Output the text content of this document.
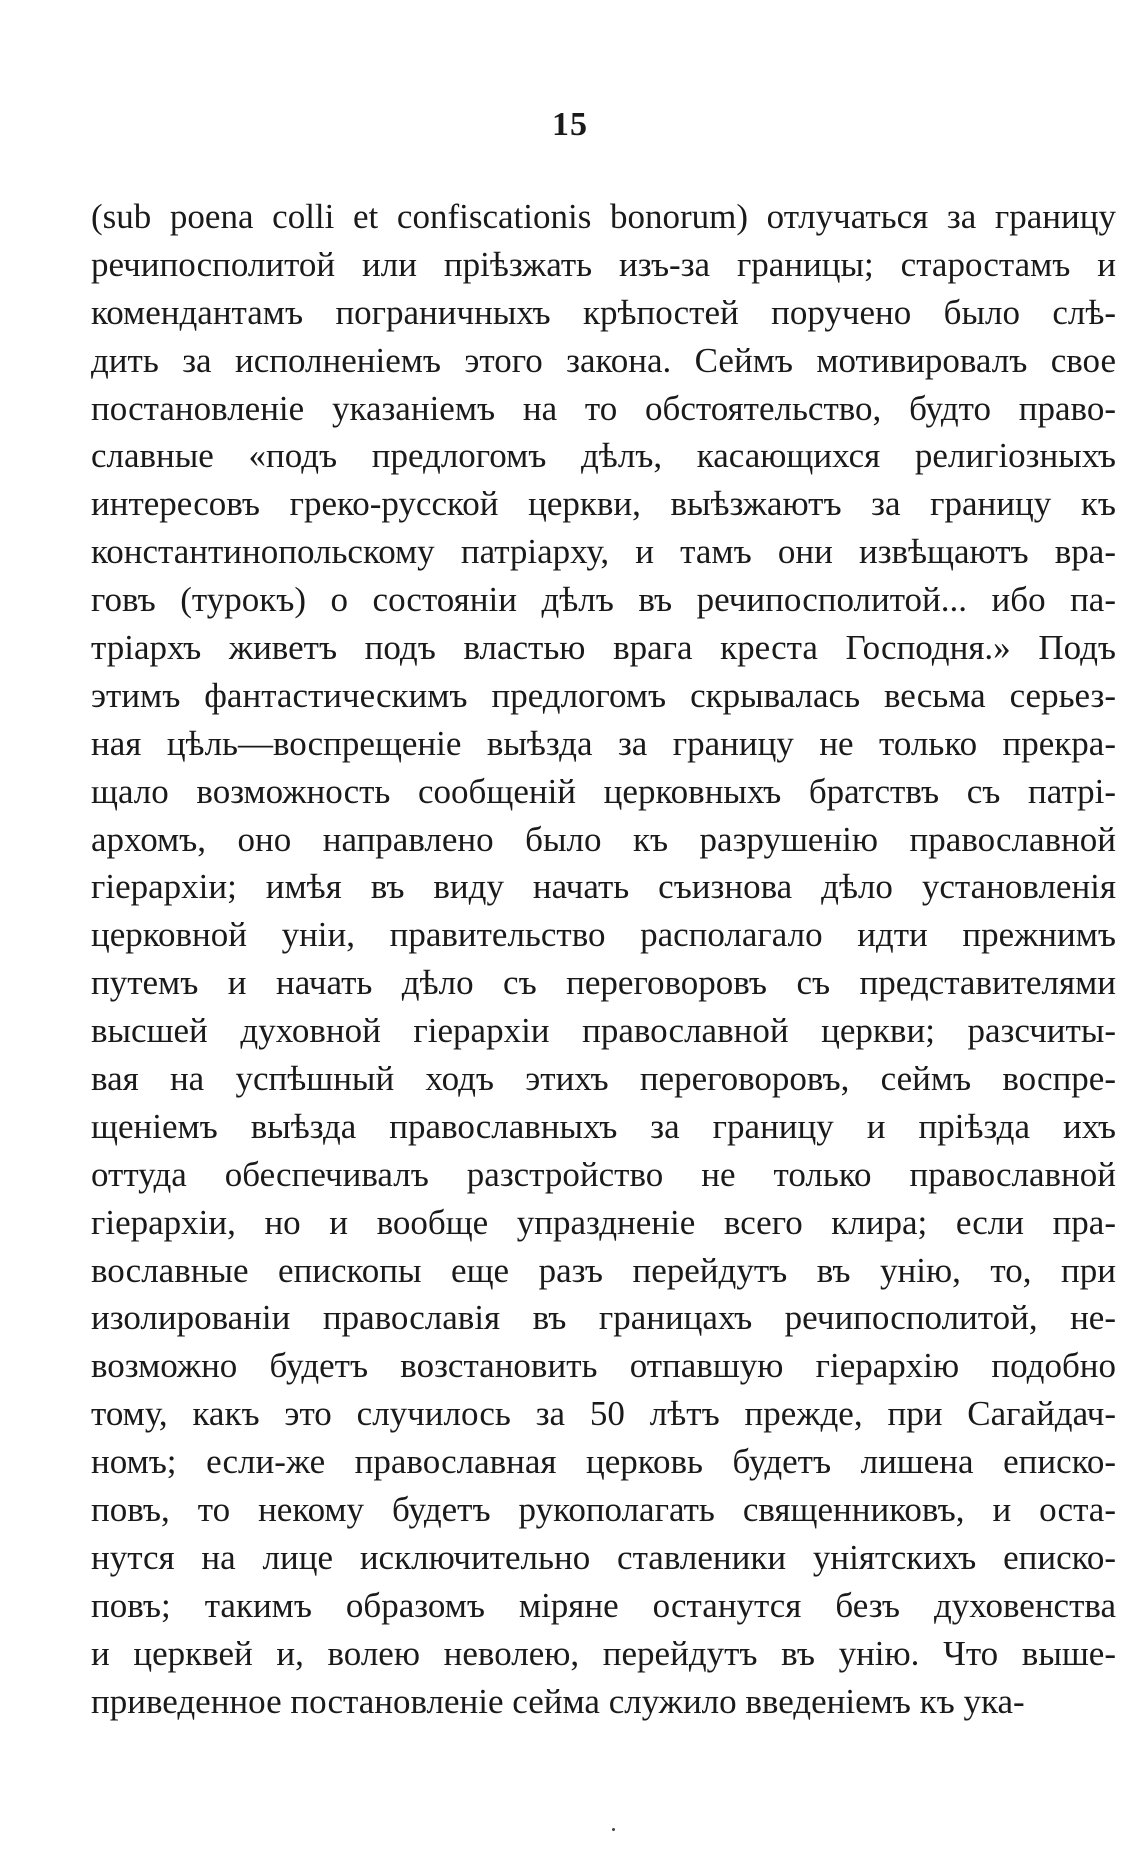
15
(sub poena colli et confiscationis bonorum) отлучаться за границу
речипосполитой или прiѣзжать изъ-за границы; старостамъ и
комендантамъ пограничныхъ крѣпостей поручено было слѣ-
дить за исполненiемъ этого закона. Сеймъ мотивировалъ свое
постановленiе указанiемъ на то обстоятельство, будто право-
славные «подъ предлогомъ дѣлъ, касающихся религiозныхъ
интересовъ греко-русской церкви, выѣзжаютъ за границу къ
константинопольскому патрiарху, и тамъ они извѣщаютъ вра-
говъ (турокъ) о состоянiи дѣлъ въ речипосполитой... ибо па-
трiархъ живетъ подъ властью врага креста Господня.» Подъ
этимъ фантастическимъ предлогомъ скрывалась весьма серьез-
ная цѣль—воспрещенiе выѣзда за границу не только прекра-
щало возможность сообщенiй церковныхъ братствъ съ патрi-
архомъ, оно направлено было къ разрушенiю православной
гiерархiи; имѣя въ виду начать съизнова дѣло установленiя
церковной унiи, правительство располагало идти прежнимъ
путемъ и начать дѣло съ переговоровъ съ представителями
высшей духовной гiерархiи православной церкви; разсчиты-
вая на успѣшный ходъ этихъ переговоровъ, сеймъ воспре-
щенiемъ выѣзда православныхъ за границу и прiѣзда ихъ
оттуда обеспечивалъ разстройство не только православной
гiерархiи, но и вообще упраздненiе всего клира; если пра-
вославные епископы еще разъ перейдутъ въ унiю, то, при
изолированiи православiя въ границахъ речипосполитой, не-
возможно будетъ возстановить отпавшую гiерархiю подобно
тому, какъ это случилось за 50 лѣтъ прежде, при Сагайдач-
номъ; если-же православная церковь будетъ лишена еписко-
повъ, то некому будетъ рукополагать священниковъ, и оста-
нутся на лице исключительно ставленики унiятскихъ еписко-
повъ; такимъ образомъ мiряне останутся безъ духовенства
и церквей и, волею неволею, перейдутъ въ унiю. Что выше-
приведенное постановленiе сейма служило введенiемъ къ ука-
